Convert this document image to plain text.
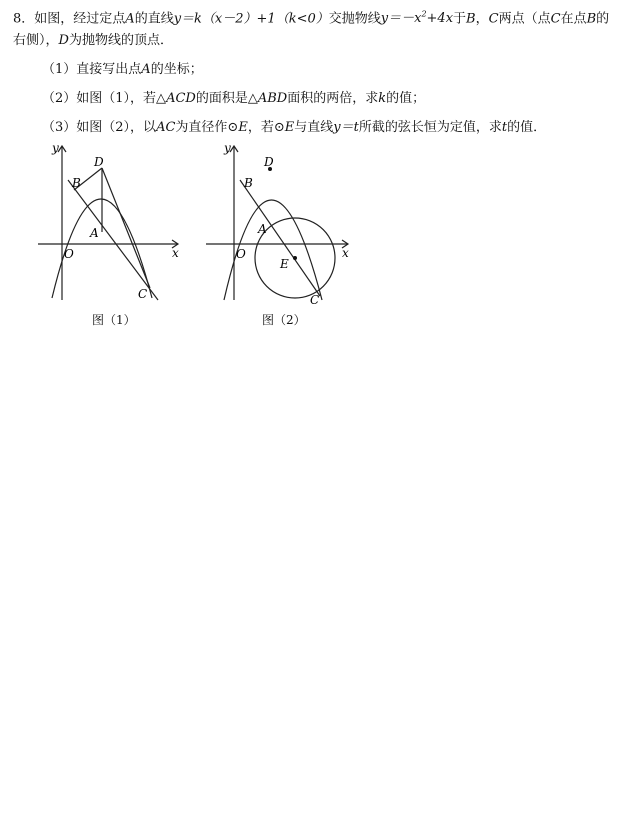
8．如图，经过定点A的直线y＝k（x－2）+1（k<0）交抛物线$y=-x^2+4x$于B，C两点（点C在点B的
右侧），D为抛物线的顶点．
（1）直接写出点A的坐标；
（2）如图（1），若△ACD的面积是△ABD面积的两倍，求k的值；
（3）如图（2），以AC为直径作⊙E，若⊙E与直线y＝t所截的弦长恒为定值，求t的值．
y
x
O
B
D
A
C
图（1）
y
x
O
B
D
A
E
C
图（2）
